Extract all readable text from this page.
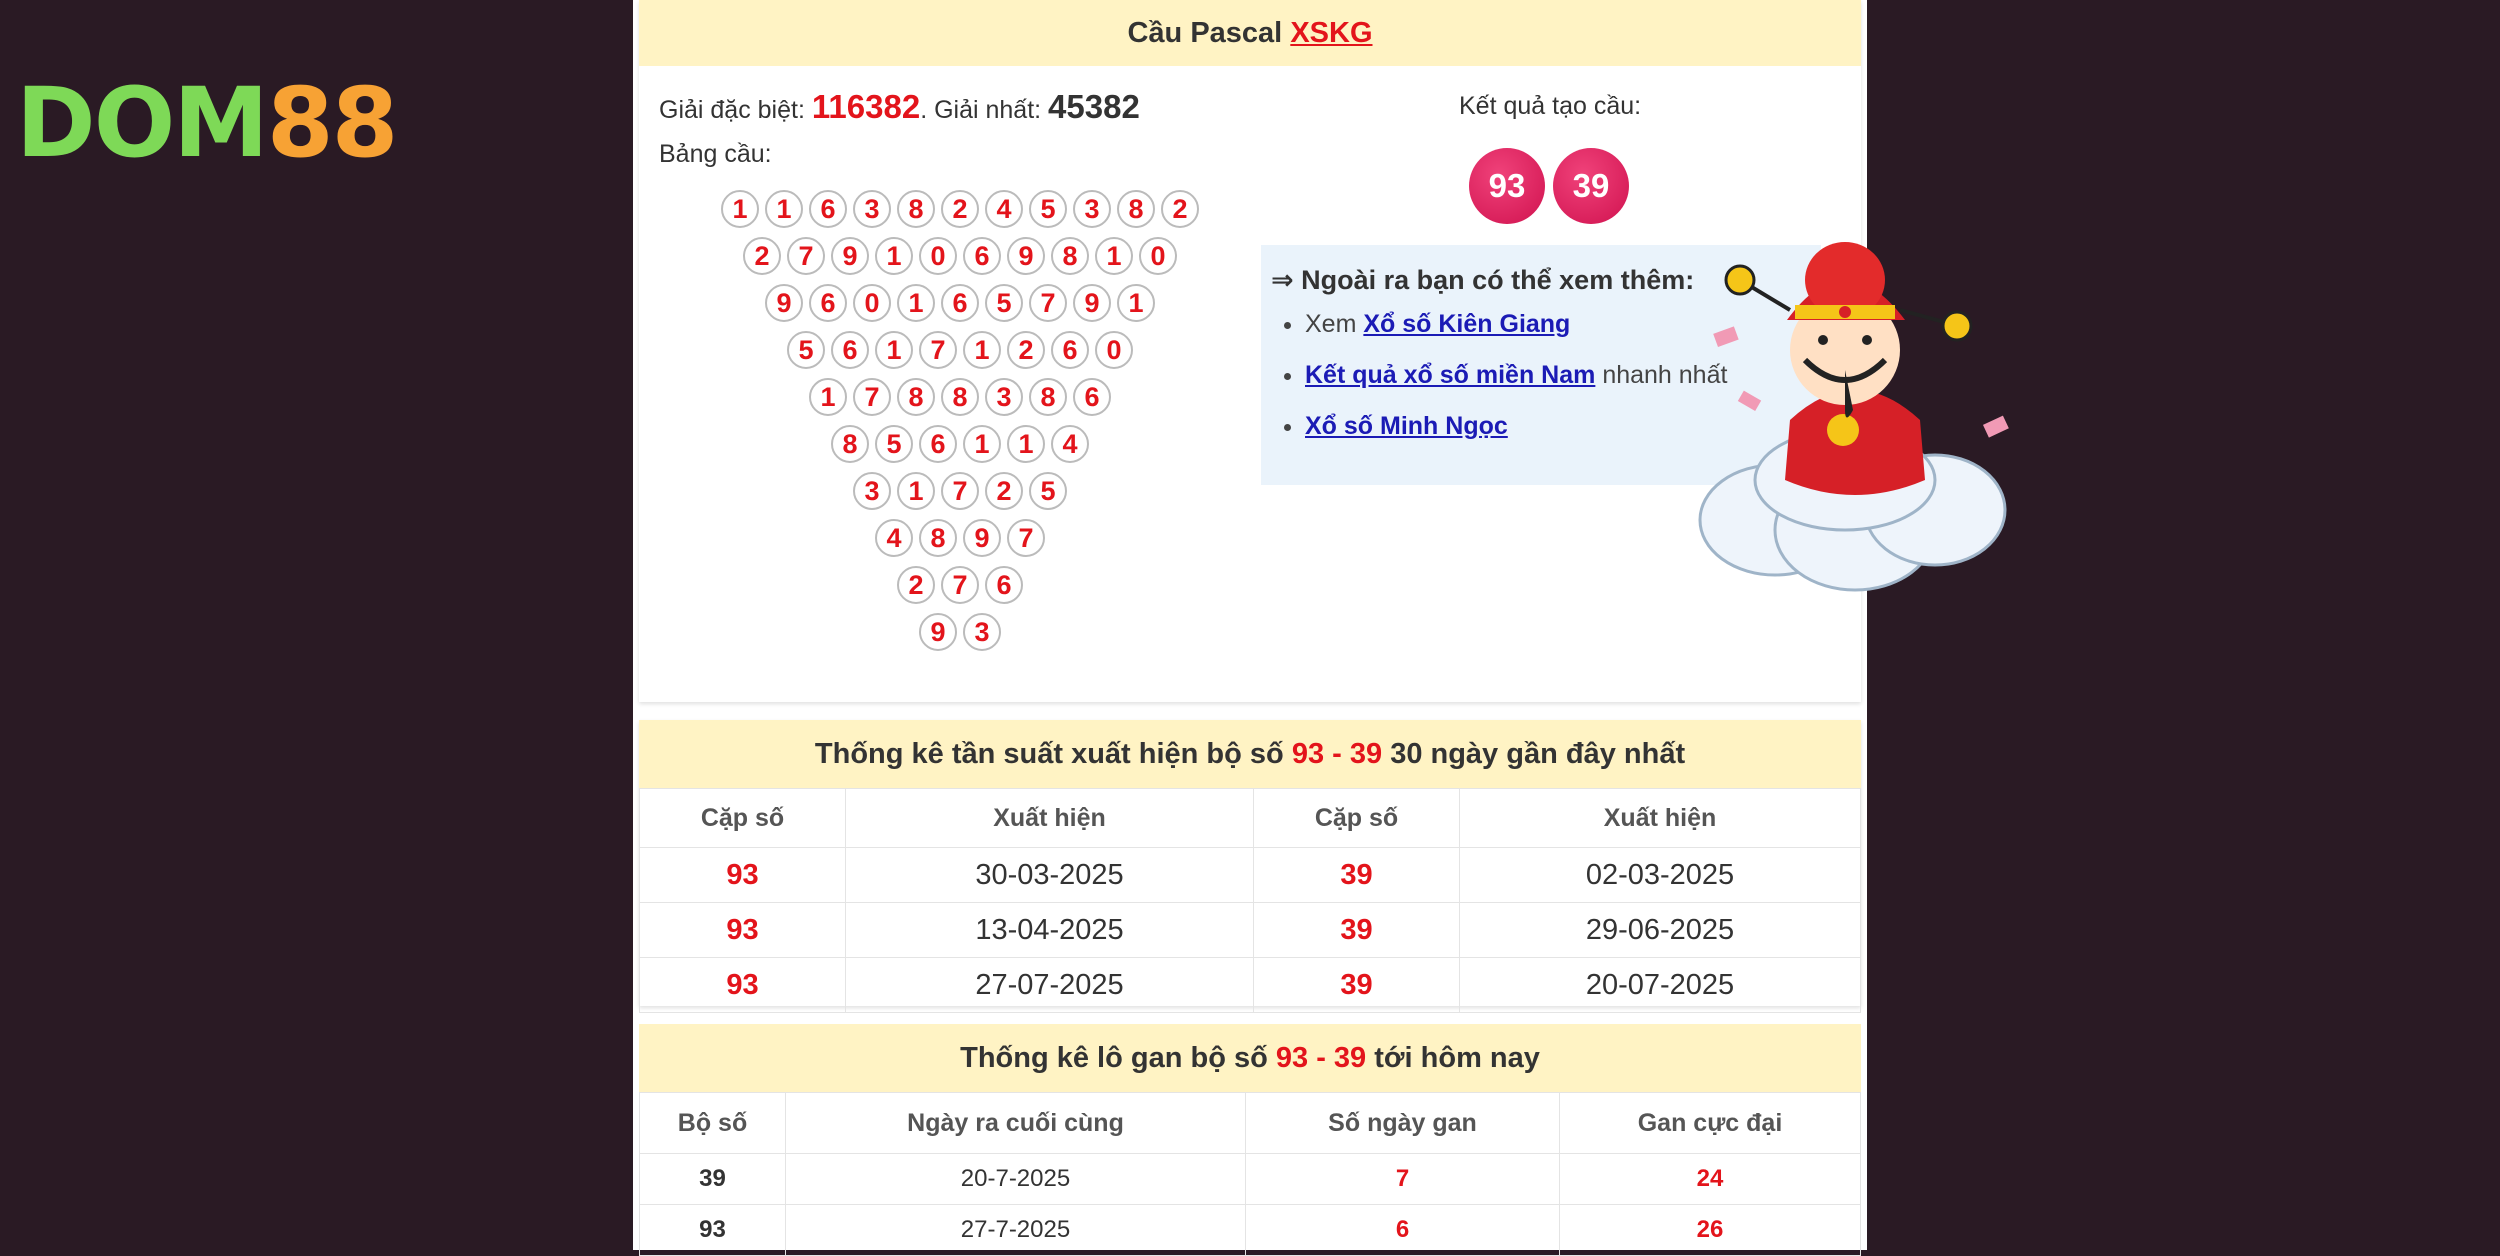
DOM88
Cầu Pascal XSKG
Giải đặc biệt: 116382. Giải nhất: 45382
Bảng cầu:
1	1	6	3	8	2	4	5	3	8	2
2	7	9	1	0	6	9	8	1	0
9	6	0	1	6	5	7	9	1
5	6	1	7	1	2	6	0
1	7	8	8	3	8	6
8	5	6	1	1	4
3	1	7	2	5
4	8	9	7
2	7	6
9	3
Kết quả tạo cầu:
93	39
⇒ Ngoài ra bạn có thể xem thêm:
• Xem Xổ số Kiên Giang
• Kết quả xổ số miền Nam nhanh nhất
• Xổ số Minh Ngọc
Thống kê tần suất xuất hiện bộ số 93 - 39 30 ngày gần đây nhất
Cặp số	Xuất hiện	Cặp số	Xuất hiện
93	30-03-2025	39	02-03-2025
93	13-04-2025	39	29-06-2025
93	27-07-2025	39	20-07-2025
Thống kê lô gan bộ số 93 - 39 tới hôm nay
Bộ số	Ngày ra cuối cùng	Số ngày gan	Gan cực đại
39	20-7-2025	7	24
93	27-7-2025	6	26
